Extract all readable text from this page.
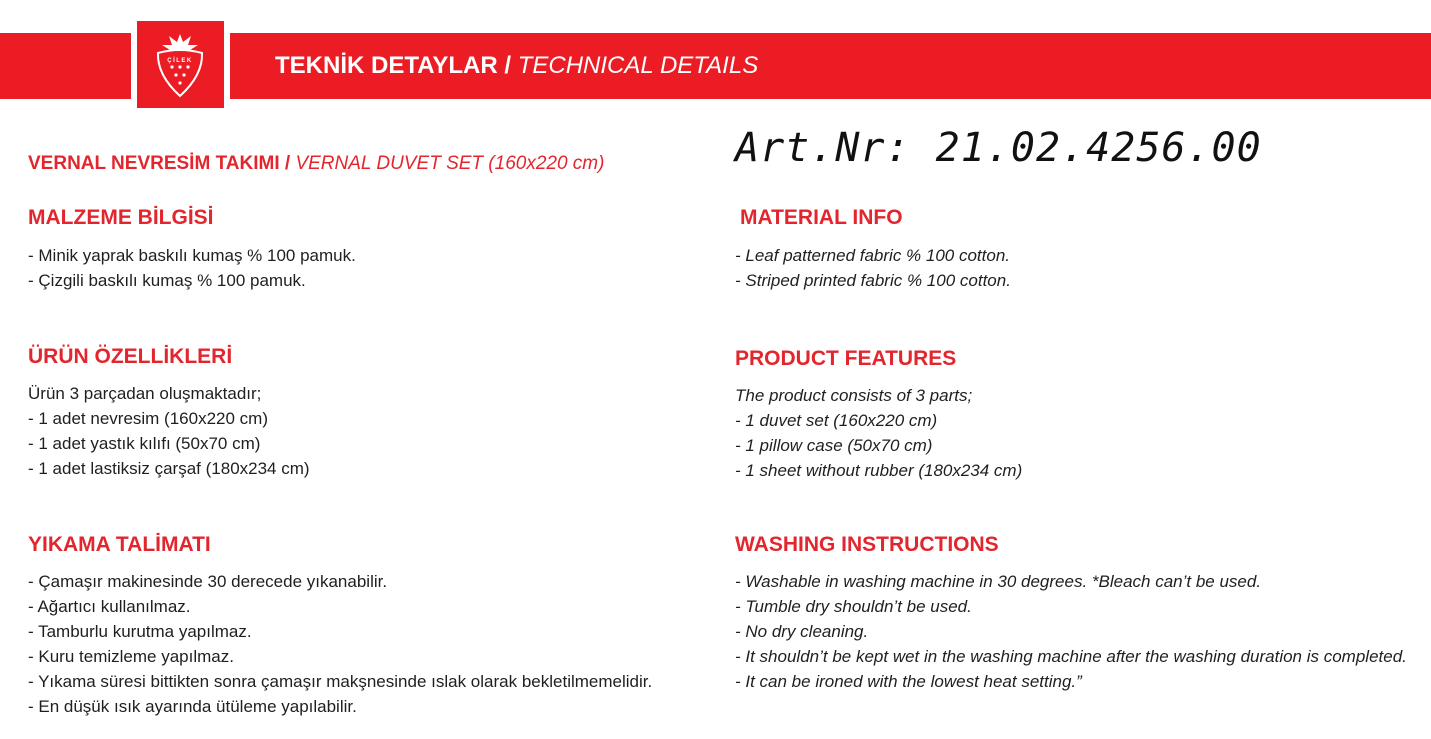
ÇİLEK	TEKNİK DETAYLAR / TECHNICAL DETAILS
VERNAL NEVRESİM TAKIMI / VERNAL DUVET SET (160x220 cm)	Art.Nr: 21.02.4256.00
MALZEME BİLGİSİ
- Minik yaprak baskılı kumaş % 100 pamuk.
- Çizgili baskılı kumaş % 100 pamuk.
ÜRÜN ÖZELLİKLERİ
Ürün 3 parçadan oluşmaktadır;
- 1 adet nevresim (160x220 cm)
- 1 adet yastık kılıfı (50x70 cm)
- 1 adet lastiksiz çarşaf (180x234 cm)
YIKAMA TALİMATI
- Çamaşır makinesinde 30 derecede yıkanabilir.
- Ağartıcı kullanılmaz.
- Tamburlu kurutma yapılmaz.
- Kuru temizleme yapılmaz.
- Yıkama süresi bittikten sonra çamaşır makşnesinde ıslak olarak bekletilmemelidir.
- En düşük ısık ayarında ütüleme yapılabilir.
MATERIAL INFO
- Leaf patterned fabric % 100 cotton.
- Striped printed fabric % 100 cotton.
PRODUCT FEATURES
The product consists of 3 parts;
- 1 duvet set (160x220 cm)
- 1 pillow case (50x70 cm)
- 1 sheet without rubber (180x234 cm)
WASHING INSTRUCTIONS
- Washable in washing machine in 30 degrees. *Bleach can’t be used.
- Tumble dry shouldn’t be used.
- No dry cleaning.
- It shouldn’t be kept wet in the washing machine after the washing duration is completed.
- It can be ironed with the lowest heat setting.”
